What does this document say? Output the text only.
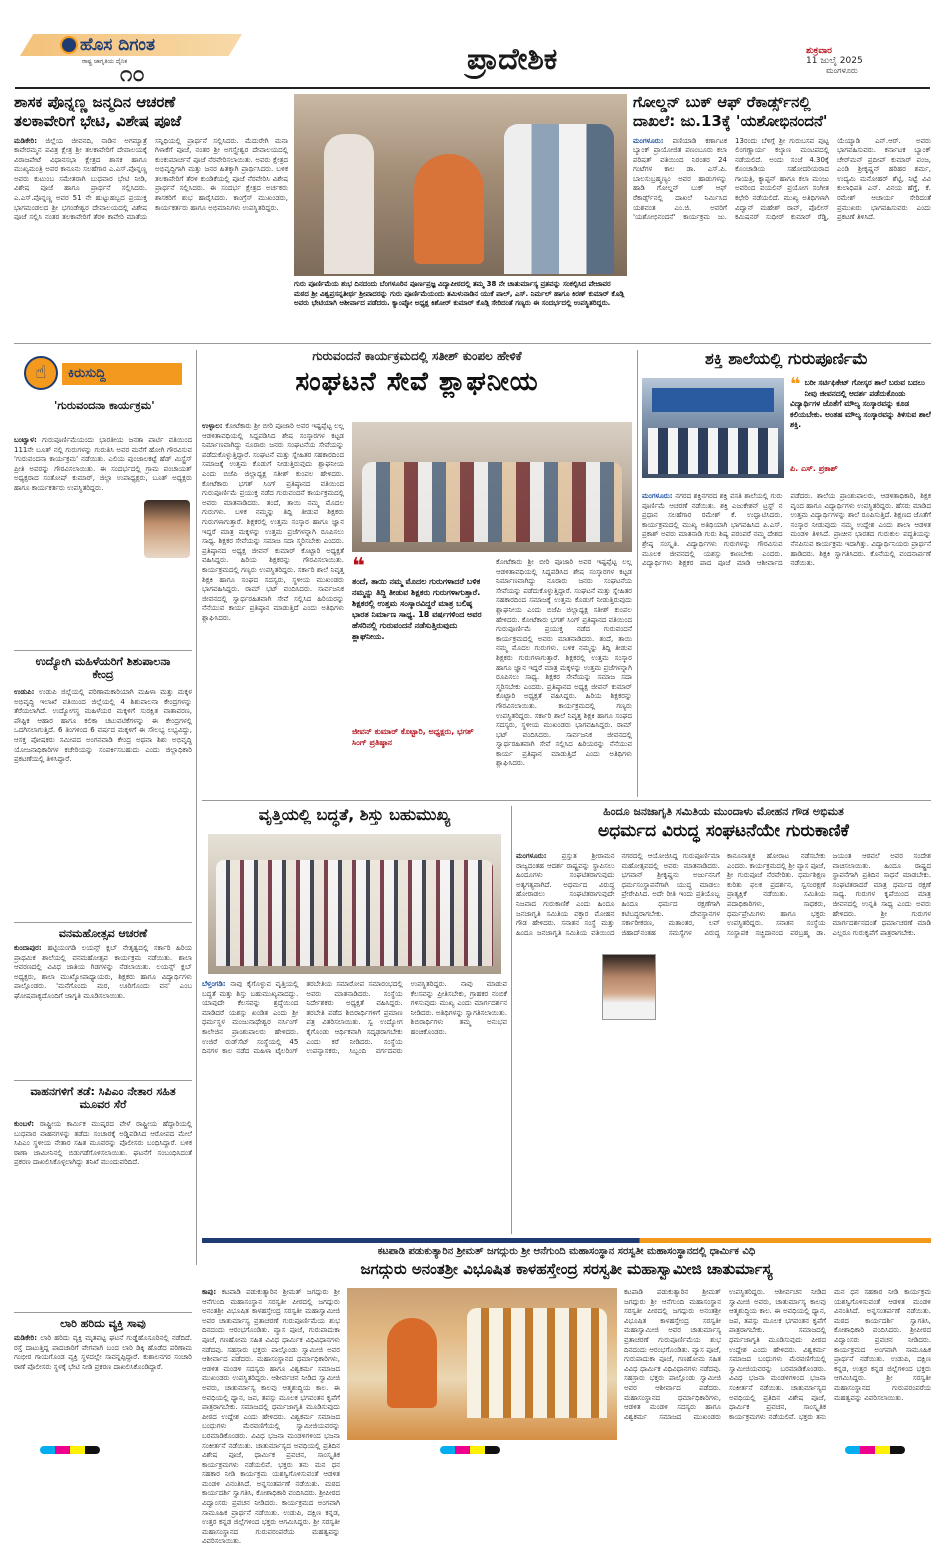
ಹೊಸ ದಿಗಂತ
ರಾಷ್ಟ್ರ ಜಾಗೃತಿಯ ದೈನಿಕ
೧೦	ಪ್ರಾದೇಶಿಕ	ಶುಕ್ರವಾರ
11 ಜುಲೈ 2025
ಮಂಗಳೂರು
ಶಾಸಕ ಪೊನ್ನಣ್ಣ ಜನ್ಮದಿನ ಆಚರಣೆ
ತಲಕಾವೇರಿಗೆ ಭೇಟಿ, ವಿಶೇಷ ಪೂಜೆ
ಮಡಿಕೇರಿ: ಜಿಲ್ಲೆಯ ಜೀವನದಿ, ನಾಡಿನ ಅಗಮ್ಯಾತ್ರೆ ಕಾವೇರಮ್ಮನ ಪವಿತ್ರ ಕ್ಷೇತ್ರ ಶ್ರೀ ತಲಕಾವೇರಿಗೆ ದೇವಾಲಯಕ್ಕೆ ವಿರಾಜಪೇಟೆ ವಿಧಾನಸಭಾ ಕ್ಷೇತ್ರದ ಶಾಸಕ ಹಾಗೂ ಮುಖ್ಯಮಂತ್ರಿ ಅವರ ಕಾನೂನು ಸಲಹೆಗಾರ ಎ.ಎಸ್.ಪೊನ್ನಣ್ಣ ಅವರು ಕುಟುಂಬ ಸಮೇತರಾಗಿ ಬುಧವಾರ ಭೇಟಿ ನೀಡಿ, ವಿಶೇಷ ಪೂಜೆ ಹಾಗೂ ಪ್ರಾರ್ಥನೆ ಸಲ್ಲಿಸಿದರು. ಎ.ಎಸ್.ಪೊನ್ನಣ್ಣ ಅವರ 51 ನೇ ಹುಟ್ಟುಹಬ್ಬದ ಪ್ರಯುಕ್ತ ಭಾಗಮಂಡಲದ ಶ್ರೀ ಭಗಂಡೇಶ್ವರ ದೇವಾಲಯದಲ್ಲಿ ವಿಶೇಷ ಪೂಜೆ ಸಲ್ಲಿಸಿ ನಂತರ ತಲಕಾವೇರಿಗೆ ತೆರಳಿ ಕಾವೇರಿ ಮಾತೆಯ ಸನ್ನಿಧಿಯಲ್ಲಿ ಪ್ರಾರ್ಥನೆ ಸಲ್ಲಿಸಿದರು. ಮೆದುರೇಗಿ ಮನಾ ಗಿಳಾಕೆಗೆ ಪೂಜೆ, ನಂತರ ಶ್ರೀ ಅಗಸ್ತ್ಯೇಶ್ವರ ದೇವಾಲಯದಲ್ಲಿ ಕುಂಕುಮಾರ್ಚನೆ ಪೂಜೆ ನೆರವೇರಿಸಲಾಯಿತು. ಅವರು ಕ್ಷೇತ್ರದ ಅಭಿವೃದ್ಧಿಗಾಗಿ ಮತ್ತು ಜನರ ಹಿತಕ್ಕಾಗಿ ಪ್ರಾರ್ಥಿಸಿದರು. ಬಳಿಕ ತಲಕಾವೇರಿಗೆ ತೆರಳಿ ಕುಂಡಿಕೆಯಲ್ಲಿ ಪೂಜೆ ನೆರವೇರಿಸಿ ವಿಶೇಷ ಪ್ರಾರ್ಥನೆ ಸಲ್ಲಿಸಿದರು. ಈ ಸಂದರ್ಭ ಕ್ಷೇತ್ರದ ಅರ್ಚಕರು ಶಾಸಕರಿಗೆ ಶುಭ ಹಾರೈಸಿದರು. ಕಾಂಗ್ರೆಸ್ ಮುಖಂಡರು, ಕಾರ್ಯಕರ್ತರು ಹಾಗೂ ಅಭಿಮಾನಿಗಳು ಉಪಸ್ಥಿತರಿದ್ದರು.
ಗುರು ಪೂರ್ಣಿಮೆಯ ಶುಭ ದಿನದಂದು ಬೆಂಗಳೂರಿನ ಪೂರ್ಣಪ್ರಜ್ಞ ವಿದ್ಯಾಪೀಠದಲ್ಲಿ ತಮ್ಮ 38 ನೇ ಚಾತುರ್ಮಾಸ್ಯ ವ್ರತವನ್ನು ಸಂಕಲ್ಪಿಸಿದ ಪೇಜಾವರ ಮಠದ ಶ್ರೀ ವಿಶ್ವಪ್ರಸನ್ನತೀರ್ಥ ಶ್ರೀಪಾದರನ್ನು ಗುರು ಪೂರ್ಣಿಮೆಯಂದು ತಮಿಳುನಾಡಿನ ಯುಕೆ ಪಾಲ್, ಎಸ್. ನಿರ್ಮಲ್ ಹಾಗೂ ಕಿರಣ್ ಕುಮಾರ್ ಕೊಡ್ಗಿ ಅವರು ಭೇಟಿಯಾಗಿ ಆಶೀರ್ವಾದ ಪಡೆದರು. ಕ್ಯಾಂಪ್ಕೋ ಅಧ್ಯಕ್ಷ ಕಿಶೋರ್ ಕುಮಾರ್ ಕೊಡ್ಗಿ ಸೇರಿದಂತೆ ಗಣ್ಯರು ಈ ಸಂದರ್ಭದಲ್ಲಿ ಉಪಸ್ಥಿತರಿದ್ದರು.
ಗೋಲ್ಡನ್ ಬುಕ್ ಆಫ್ ರೆಕಾರ್ಡ್ಸ್‌ನಲ್ಲಿ
ದಾಖಲೆ: ಜು.13ಕ್ಕೆ 'ಯಶೋಭಿನಂದನೆ'
ಮಂಗಳೂರು: ಪಣಿಯಾಡಿ ಕರ್ಣಾಟಕ ಬ್ಯಾಂಕ್ ಪ್ರಾಯೋಜಿತ ಪಣಂಬೂರು ಕಲಾ ಪರಿಷತ್ ವತಿಯಿಂದ ನಿರಂತರ 24 ಗಂಟೆಗಳ ಕಾಲ ಡಾ. ಎಸ್.ಪಿ. ಬಾಲಸುಬ್ರಹ್ಮಣ್ಯಂ ಅವರ ಹಾಡುಗಳನ್ನು ಹಾಡಿ ಗೋಲ್ಡನ್ ಬುಕ್ ಆಫ್ ರೆಕಾರ್ಡ್ಸ್‌ನಲ್ಲಿ ದಾಖಲೆ ನಿರ್ಮಿಸಿದ ಯಶವಂತ ಎಂ.ಜಿ. ಅವರಿಗೆ 'ಯಶೋಭಿನಂದನೆ' ಕಾರ್ಯಕ್ರಮ ಜು. 13ರಂದು ಬೆಳಿಗ್ಗೆ ಶ್ರೀ ಗುರುಬಸವ ಪುಟ್ಟ ಲಿಂಗಣ್ಣಾರ್ಯ ಕಲ್ಯಾಣ ಮಂಟಪದಲ್ಲಿ ನಡೆಯಲಿದೆ. ಅಂದು ಸಂಜೆ 4.30ಕ್ಕೆ ಕೊಂಚಾಡಿಯ ಸಹೋದರಿಯರಾದ ಗಾಯತ್ರಿ, ಕ್ಯಾಪ್ಟನ್ ಹಾಗೂ ಕಲಾ ಮಂಜು ಅವರಿಂದ ವಯಲಿನ್ ಪ್ರಯೋಗ ಸಂಗೀತ ಕಛೇರಿ ನಡೆಯಲಿದೆ. ಮುಖ್ಯ ಅತಿಥಿಗಳಾಗಿ ವಿದ್ವಾನ್ ಮಹೇಶ್ ರಾವ್, ಪೊಲೀಸ್ ಕಮಿಷನರ್ ಸುಧೀರ್ ಕುಮಾರ್ ರೆಡ್ಡಿ, ಯೆಯ್ಯಾಡಿ ಎನ್.ಆರ್. ಅವರು ಭಾಗವಹಿಸುವರು. ಕರ್ನಾಟಕ ಬ್ಯಾಂಕ್ ಚೇರ್‌ಮನ್ ಪ್ರದೀಪ್ ಕುಮಾರ್ ಪಂಜ, ಎಂಡಿ ಶ್ರೀಕೃಷ್ಣನ್ ಹರಿಹರ ಶರ್ಮ, ಉದ್ಯಮಿ ಮನೋಹರ್ ಶೆಟ್ಟಿ, ನಿಟ್ಟೆ ವಿವಿ ಕುಲಾಧಿಪತಿ ಎನ್. ವಿನಯ ಹೆಗ್ಡೆ, ಕೆ. ರಮೇಶ್ ಆಚಾರ್ಯ ಸೇರಿದಂತೆ ಪ್ರಮುಖರು ಭಾಗವಹಿಸುವರು ಎಂದು ಪ್ರಕಟಣೆ ತಿಳಿಸಿದೆ.
☝	ಕಿರುಸುದ್ದಿ
'ಗುರುವಂದನಾ ಕಾರ್ಯಕ್ರಮ'
ಬಂಟ್ವಾಳ: ಗುರುಪೂರ್ಣಿಮೆಯಂದು ಭಾರತೀಯ ಜನತಾ ಪಾರ್ಟಿ ವತಿಯಿಂದ 111ನೇ ಬೂತ್ ನಲ್ಲಿ ಗುರುಗಳನ್ನು ಗುರುತಿಸಿ ಅವರ ಮನೆಗೆ ಹೋಗಿ ಗೌರವಿಸುವ 'ಗುರುವಂದನಾ ಕಾರ್ಯಕ್ರಮ' ನಡೆಯಿತು. ಎಲಿಯ ಪುಂಜಾಲಕಟ್ಟೆ ಹೆಡ್ ಮಿಸ್ಟ್ರೆಸ್ ಪ್ರೀತಿ ಅವರನ್ನು ಗೌರವಿಸಲಾಯಿತು. ಈ ಸಂದರ್ಭದಲ್ಲಿ ಗ್ರಾಮ ಪಂಚಾಯತ್ ಅಧ್ಯಕ್ಷರಾದ ಸಂತೋಷ್ ಕುಮಾರ್, ಜಿಲ್ಲಾ ಉಪಾಧ್ಯಕ್ಷರು, ಬೂತ್ ಅಧ್ಯಕ್ಷರು ಹಾಗೂ ಕಾರ್ಯಕರ್ತರು ಉಪಸ್ಥಿತರಿದ್ದರು.
ಉದ್ಯೋಗಿ ಮಹಿಳೆಯರಿಗೆ ಶಿಶುಪಾಲನಾ ಕೇಂದ್ರ
ಉಡುಪಿ: ಉಡುಪಿ ಜಿಲ್ಲೆಯಲ್ಲಿ ಪರಿಣಾಮಕಾರಿಯಾಗಿ ಮಹಿಳಾ ಮತ್ತು ಮಕ್ಕಳ ಅಭಿವೃದ್ಧಿ ಇಲಾಖೆ ವತಿಯಿಂದ ಜಿಲ್ಲೆಯಲ್ಲಿ 4 ಶಿಶುಪಾಲನಾ ಕೇಂದ್ರಗಳನ್ನು ತೆರೆಯಲಾಗಿದೆ. ಉದ್ಯೋಗಸ್ಥ ಮಹಿಳೆಯರ ಮಕ್ಕಳಿಗೆ ಸುರಕ್ಷಿತ ವಾತಾವರಣ, ಪೌಷ್ಟಿಕ ಆಹಾರ ಹಾಗೂ ಕಲಿಕಾ ಚಟುವಟಿಕೆಗಳನ್ನು ಈ ಕೇಂದ್ರಗಳಲ್ಲಿ ಒದಗಿಸಲಾಗುತ್ತಿದೆ. 6 ತಿಂಗಳಿಂದ 6 ವರ್ಷದ ಮಕ್ಕಳಿಗೆ ಈ ಸೌಲಭ್ಯ ಲಭ್ಯವಿದ್ದು, ಆಸಕ್ತ ಪೋಷಕರು ಸಮೀಪದ ಅಂಗನವಾಡಿ ಕೇಂದ್ರ ಅಥವಾ ಶಿಶು ಅಭಿವೃದ್ಧಿ ಯೋಜನಾಧಿಕಾರಿಗಳ ಕಚೇರಿಯನ್ನು ಸಂಪರ್ಕಿಸಬಹುದು ಎಂದು ಜಿಲ್ಲಾಧಿಕಾರಿ ಪ್ರಕಟಣೆಯಲ್ಲಿ ತಿಳಿಸಿದ್ದಾರೆ.
ವನಮಹೋತ್ಸವ ಆಚರಣೆ
ಕುಂದಾಪುರ: ಹಟ್ಟಿಯಂಗಡಿ ಲಯನ್ಸ್ ಕ್ಲಬ್ ನೇತೃತ್ವದಲ್ಲಿ ಸರ್ಕಾರಿ ಹಿರಿಯ ಪ್ರಾಥಮಿಕ ಶಾಲೆಯಲ್ಲಿ ವನಮಹೋತ್ಸವ ಕಾರ್ಯಕ್ರಮ ನಡೆಯಿತು. ಶಾಲಾ ಆವರಣದಲ್ಲಿ ವಿವಿಧ ಜಾತಿಯ ಗಿಡಗಳನ್ನು ನೆಡಲಾಯಿತು. ಲಯನ್ಸ್ ಕ್ಲಬ್ ಅಧ್ಯಕ್ಷರು, ಶಾಲಾ ಮುಖ್ಯೋಪಾಧ್ಯಾಯರು, ಶಿಕ್ಷಕರು ಹಾಗೂ ವಿದ್ಯಾರ್ಥಿಗಳು ಪಾಲ್ಗೊಂಡರು. 'ಮನೆಗೊಂದು ಮರ, ಊರಿಗೊಂದು ವನ' ಎಂಬ ಘೋಷವಾಕ್ಯದೊಂದಿಗೆ ಜಾಗೃತಿ ಮೂಡಿಸಲಾಯಿತು.
ವಾಹನಗಳಿಗೆ ತಡೆ: ಸಿಪಿಎಂ ನೇತಾರ ಸಹಿತ ಮೂವರ ಸೆರೆ
ಕುಂಬಳೆ: ರಾಷ್ಟ್ರೀಯ ಕಾರ್ಮಿಕ ಮುಷ್ಕರದ ವೇಳೆ ರಾಷ್ಟ್ರೀಯ ಹೆದ್ದಾರಿಯಲ್ಲಿ ಬುಧವಾರ ವಾಹನಗಳನ್ನು ತಡೆದು ಸಂಚಾರಕ್ಕೆ ಅಡ್ಡಿಪಡಿಸಿದ ಆರೋಪದ ಮೇಲೆ ಸಿಪಿಎಂ ಸ್ಥಳೀಯ ನೇತಾರ ಸಹಿತ ಮೂವರನ್ನು ಪೊಲೀಸರು ಬಂಧಿಸಿದ್ದಾರೆ. ಬಳಿಕ ಠಾಣಾ ಜಾಮೀನಿನಲ್ಲಿ ಬಿಡುಗಡೆಗೊಳಿಸಲಾಯಿತು. ಘಟನೆಗೆ ಸಂಬಂಧಿಸಿದಂತೆ ಪ್ರಕರಣ ದಾಖಲಿಸಿಕೊಳ್ಳಲಾಗಿದ್ದು ತನಿಖೆ ಮುಂದುವರಿದಿದೆ.
ಲಾರಿ ಹರಿದು ವ್ಯಕ್ತಿ ಸಾವು
ಮಡಿಕೇರಿ: ಲಾರಿ ಹರಿದು ವ್ಯಕ್ತಿ ಮೃತಪಟ್ಟ ಘಟನೆ ಗುಡ್ಡೆಹೊಸೂರಿನಲ್ಲಿ ನಡೆದಿದೆ. ರಸ್ತೆ ದಾಟುತ್ತಿದ್ದ ಪಾದಚಾರಿಗೆ ವೇಗವಾಗಿ ಬಂದ ಲಾರಿ ಡಿಕ್ಕಿ ಹೊಡೆದ ಪರಿಣಾಮ ಗಂಭೀರ ಗಾಯಗೊಂಡ ವ್ಯಕ್ತಿ ಸ್ಥಳದಲ್ಲೇ ಸಾವನ್ನಪ್ಪಿದ್ದಾರೆ. ಕುಶಾಲನಗರ ಸಂಚಾರಿ ಠಾಣೆ ಪೊಲೀಸರು ಸ್ಥಳಕ್ಕೆ ಭೇಟಿ ನೀಡಿ ಪ್ರಕರಣ ದಾಖಲಿಸಿಕೊಂಡಿದ್ದಾರೆ.
ಗುರುವಂದನೆ ಕಾರ್ಯಕ್ರಮದಲ್ಲಿ ಸತೀಶ್ ಕುಂಪಲ ಹೇಳಿಕೆ
ಸಂಘಟನೆ ಸೇವೆ ಶ್ಲಾಘನೀಯ
ಉಳ್ಳಾಲ: ಕೋಟೆಕಾರು ಶ್ರೀ ಬೀರಿ ಪೂಜಾರಿ ಅವರ ಇಷ್ಟಪ್ಪೆಟ್ಟ ಲಲ್ಲ ಆಡಳಿತಾವಧಿಯಲ್ಲಿ ಸಿದ್ದಪಡಿಸಿದ ಶೇಷ ಸಂಸ್ಕಾರಗಳ ಕಟ್ಟಡ ನಿರ್ಮಾಣವಾಗಿದ್ದು ನೂರಾರು ಜನರು ಸಂಘಟನೆಯ ಸೇವೆಯನ್ನು ಪಡೆದುಕೊಳ್ಳುತ್ತಿದ್ದಾರೆ. ಸಂಘಟನೆ ಮತ್ತು ಸ್ನೇಹಿತರ ಸಹಕಾರದಿಂದ ಸಮಾಜಕ್ಕೆ ಉತ್ತಮ ಕೊಡುಗೆ ನೀಡುತ್ತಿರುವುದು ಶ್ಲಾಘನೀಯ ಎಂದು ಬಿಜೆಪಿ ಜಿಲ್ಲಾಧ್ಯಕ್ಷ ಸತೀಶ್ ಕುಂಪಲ ಹೇಳಿದರು. ಕೋಟೆಕಾರು ಭಗತ್ ಸಿಂಗ್ ಪ್ರತಿಷ್ಠಾನದ ವತಿಯಿಂದ ಗುರುಪೂರ್ಣಿಮೆ ಪ್ರಯುಕ್ತ ನಡೆದ ಗುರುವಂದನೆ ಕಾರ್ಯಕ್ರಮದಲ್ಲಿ ಅವರು ಮಾತನಾಡಿದರು. ತಂದೆ, ತಾಯಿ ನಮ್ಮ ಮೊದಲ ಗುರುಗಳು. ಬಳಿಕ ನಮ್ಮನ್ನು ತಿದ್ದಿ ತೀಡುವ ಶಿಕ್ಷಕರು ಗುರುಗಳಾಗುತ್ತಾರೆ. ಶಿಕ್ಷಕರಲ್ಲಿ ಉತ್ತಮ ಸಂಸ್ಕಾರ ಹಾಗೂ ಜ್ಞಾನ ಇದ್ದರೆ ಮಾತ್ರ ಮಕ್ಕಳನ್ನು ಉತ್ತಮ ಪ್ರಜೆಗಳನ್ನಾಗಿ ರೂಪಿಸಲು ಸಾಧ್ಯ. ಶಿಕ್ಷಕರ ಸೇವೆಯನ್ನು ಸಮಾಜ ಸದಾ ಸ್ಮರಿಸಬೇಕು ಎಂದರು. ಪ್ರತಿಷ್ಠಾನದ ಅಧ್ಯಕ್ಷ ಜೀವನ್ ಕುಮಾರ್ ಕೊಟ್ಟಾರಿ ಅಧ್ಯಕ್ಷತೆ ವಹಿಸಿದ್ದರು. ಹಿರಿಯ ಶಿಕ್ಷಕರನ್ನು ಗೌರವಿಸಲಾಯಿತು. ಕಾರ್ಯಕ್ರಮದಲ್ಲಿ ಗಣ್ಯರು ಉಪಸ್ಥಿತರಿದ್ದರು. ಸರ್ಕಾರಿ ಶಾಲೆ ನಿವೃತ್ತ ಶಿಕ್ಷಕಿ ಹಾಗೂ ಸಂಘದ ಸದಸ್ಯರು, ಸ್ಥಳೀಯ ಮುಖಂಡರು ಭಾಗವಹಿಸಿದ್ದರು. ರಾಮ್ ಭಟ್ ವಂದಿಸಿದರು. ಸಾರ್ವಜನಿಕ ಜೀವನದಲ್ಲಿ ಸ್ವಾರ್ಥರಹಿತವಾಗಿ ಸೇವೆ ಸಲ್ಲಿಸಿದ ಹಿರಿಯರನ್ನು ನೆನೆಯುವ ಕಾರ್ಯ ಪ್ರತಿಷ್ಠಾನ ಮಾಡುತ್ತಿದೆ ಎಂದು ಅತಿಥಿಗಳು ಶ್ಲಾಘಿಸಿದರು.
❝
ತಂದೆ, ತಾಯಿ ನಮ್ಮ ಮೊದಲ ಗುರುಗಳಾದರೆ ಬಳಿಕ ನಮ್ಮನ್ನು ತಿದ್ದಿ ತೀಡುವ ಶಿಕ್ಷಕರು ಗುರುಗಳಾಗುತ್ತಾರೆ. ಶಿಕ್ಷಕರಲ್ಲಿ ಉತ್ತಮ ಸಂಸ್ಕಾರವಿದ್ದರೆ ಮಾತ್ರ ಬಲಿಷ್ಠ ಭಾರತ ನಿರ್ಮಾಣ ಸಾಧ್ಯ. 18 ವರ್ಷಗಳಿಂದ ಅವರ ಹೆಸರಿನಲ್ಲಿ ಗುರುವಂದನೆ ನಡೆಸುತ್ತಿರುವುದು ಶ್ಲಾಘನೀಯ.
ಜೀವನ್ ಕುಮಾರ್ ಕೊಟ್ಟಾರಿ, ಅಧ್ಯಕ್ಷರು, ಭಗತ್ ಸಿಂಗ್ ಪ್ರತಿಷ್ಠಾನ
ಕೋಟೆಕಾರು ಶ್ರೀ ಬೀರಿ ಪೂಜಾರಿ ಅವರ ಇಷ್ಟಪ್ಪೆಟ್ಟ ಲಲ್ಲ ಆಡಳಿತಾವಧಿಯಲ್ಲಿ ಸಿದ್ದಪಡಿಸಿದ ಶೇಷ ಸಂಸ್ಕಾರಗಳ ಕಟ್ಟಡ ನಿರ್ಮಾಣವಾಗಿದ್ದು ನೂರಾರು ಜನರು ಸಂಘಟನೆಯ ಸೇವೆಯನ್ನು ಪಡೆದುಕೊಳ್ಳುತ್ತಿದ್ದಾರೆ. ಸಂಘಟನೆ ಮತ್ತು ಸ್ನೇಹಿತರ ಸಹಕಾರದಿಂದ ಸಮಾಜಕ್ಕೆ ಉತ್ತಮ ಕೊಡುಗೆ ನೀಡುತ್ತಿರುವುದು ಶ್ಲಾಘನೀಯ ಎಂದು ಬಿಜೆಪಿ ಜಿಲ್ಲಾಧ್ಯಕ್ಷ ಸತೀಶ್ ಕುಂಪಲ ಹೇಳಿದರು. ಕೋಟೆಕಾರು ಭಗತ್ ಸಿಂಗ್ ಪ್ರತಿಷ್ಠಾನದ ವತಿಯಿಂದ ಗುರುಪೂರ್ಣಿಮೆ ಪ್ರಯುಕ್ತ ನಡೆದ ಗುರುವಂದನೆ ಕಾರ್ಯಕ್ರಮದಲ್ಲಿ ಅವರು ಮಾತನಾಡಿದರು. ತಂದೆ, ತಾಯಿ ನಮ್ಮ ಮೊದಲ ಗುರುಗಳು. ಬಳಿಕ ನಮ್ಮನ್ನು ತಿದ್ದಿ ತೀಡುವ ಶಿಕ್ಷಕರು ಗುರುಗಳಾಗುತ್ತಾರೆ. ಶಿಕ್ಷಕರಲ್ಲಿ ಉತ್ತಮ ಸಂಸ್ಕಾರ ಹಾಗೂ ಜ್ಞಾನ ಇದ್ದರೆ ಮಾತ್ರ ಮಕ್ಕಳನ್ನು ಉತ್ತಮ ಪ್ರಜೆಗಳನ್ನಾಗಿ ರೂಪಿಸಲು ಸಾಧ್ಯ. ಶಿಕ್ಷಕರ ಸೇವೆಯನ್ನು ಸಮಾಜ ಸದಾ ಸ್ಮರಿಸಬೇಕು ಎಂದರು. ಪ್ರತಿಷ್ಠಾನದ ಅಧ್ಯಕ್ಷ ಜೀವನ್ ಕುಮಾರ್ ಕೊಟ್ಟಾರಿ ಅಧ್ಯಕ್ಷತೆ ವಹಿಸಿದ್ದರು. ಹಿರಿಯ ಶಿಕ್ಷಕರನ್ನು ಗೌರವಿಸಲಾಯಿತು. ಕಾರ್ಯಕ್ರಮದಲ್ಲಿ ಗಣ್ಯರು ಉಪಸ್ಥಿತರಿದ್ದರು. ಸರ್ಕಾರಿ ಶಾಲೆ ನಿವೃತ್ತ ಶಿಕ್ಷಕಿ ಹಾಗೂ ಸಂಘದ ಸದಸ್ಯರು, ಸ್ಥಳೀಯ ಮುಖಂಡರು ಭಾಗವಹಿಸಿದ್ದರು. ರಾಮ್ ಭಟ್ ವಂದಿಸಿದರು. ಸಾರ್ವಜನಿಕ ಜೀವನದಲ್ಲಿ ಸ್ವಾರ್ಥರಹಿತವಾಗಿ ಸೇವೆ ಸಲ್ಲಿಸಿದ ಹಿರಿಯರನ್ನು ನೆನೆಯುವ ಕಾರ್ಯ ಪ್ರತಿಷ್ಠಾನ ಮಾಡುತ್ತಿದೆ ಎಂದು ಅತಿಥಿಗಳು ಶ್ಲಾಘಿಸಿದರು.
ಶಕ್ತಿ ಶಾಲೆಯಲ್ಲಿ ಗುರುಪೂರ್ಣಿಮೆ
❝ ಬರೀ ಸರ್ಟಿಫಿಕೇಟ್ ಗೋಸ್ಕರ ಶಾಲೆ ಬರುವ ಬದಲು ನೀವು ಜೀವನದಲ್ಲಿ ಆದರ್ಶ ಪಡೆದುಕೊಂಡು ವಿದ್ಯಾರ್ಥಿಗಳ ಜೊತೆಗೆ ಮೌಲ್ಯ ಸಂಸ್ಕಾರವನ್ನು ಕೂಡ ಕಲಿಯಬೇಕು. ಅಂತಹ ಮೌಲ್ಯ ಸಂಸ್ಕಾರವನ್ನು ತಿಳಿಸುವ ಶಾಲೆ ಶಕ್ತಿ.
ಪಿ. ಎಸ್. ಪ್ರಕಾಶ್
ಮಂಗಳೂರು: ನಗರದ ಶಕ್ತಿನಗರದ ಶಕ್ತಿ ವಸತಿ ಶಾಲೆಯಲ್ಲಿ ಗುರು ಪೂರ್ಣಿಮೆ ಆಚರಣೆ ನಡೆಯಿತು. ಶಕ್ತಿ ಎಜುಕೇಶನ್ ಟ್ರಸ್ಟ್ ನ ಪ್ರಧಾನ ಸಲಹೆಗಾರ ರಮೇಶ್ ಕೆ. ಉದ್ಘಾಟಿಸಿದರು. ಕಾರ್ಯಕ್ರಮದಲ್ಲಿ ಮುಖ್ಯ ಅತಿಥಿಯಾಗಿ ಭಾಗವಹಿಸಿದ ಪಿ.ಎಸ್. ಪ್ರಕಾಶ್ ಅವರು ಮಾತನಾಡಿ ಗುರು ಶಿಷ್ಯ ಪರಂಪರೆ ನಮ್ಮ ದೇಶದ ಶ್ರೇಷ್ಠ ಸಂಸ್ಕೃತಿ. ವಿದ್ಯಾರ್ಥಿಗಳು ಗುರುಗಳನ್ನು ಗೌರವಿಸುವ ಮೂಲಕ ಜೀವನದಲ್ಲಿ ಯಶಸ್ಸು ಕಾಣಬೇಕು ಎಂದರು. ವಿದ್ಯಾರ್ಥಿಗಳು ಶಿಕ್ಷಕರ ಪಾದ ಪೂಜೆ ಮಾಡಿ ಆಶೀರ್ವಾದ ಪಡೆದರು. ಶಾಲೆಯ ಪ್ರಾಂಶುಪಾಲರು, ಆಡಳಿತಾಧಿಕಾರಿ, ಶಿಕ್ಷಕ ವೃಂದ ಹಾಗೂ ವಿದ್ಯಾರ್ಥಿಗಳು ಉಪಸ್ಥಿತರಿದ್ದರು. ಹೆಸರು ಮಾಡಿದ ಉತ್ತಮ ವಿದ್ಯಾರ್ಥಿಗಳನ್ನು ಶಾಲೆ ರೂಪಿಸುತ್ತಿದೆ. ಶಿಕ್ಷಣದ ಜೊತೆಗೆ ಸಂಸ್ಕಾರ ನೀಡುವುದು ನಮ್ಮ ಉದ್ದೇಶ ಎಂದು ಶಾಲಾ ಆಡಳಿತ ಮಂಡಳಿ ತಿಳಿಸಿದೆ. ಪ್ರಾಚೀನ ಭಾರತದ ಗುರುಕುಲ ಪದ್ಧತಿಯನ್ನು ನೆನಪಿಸುವ ಕಾರ್ಯಕ್ರಮ ಇದಾಗಿತ್ತು. ವಿದ್ಯಾರ್ಥಿನಿಯರು ಪ್ರಾರ್ಥನೆ ಹಾಡಿದರು. ಶಿಕ್ಷಕಿ ಸ್ವಾಗತಿಸಿದರು. ಕೊನೆಯಲ್ಲಿ ವಂದನಾರ್ಪಣೆ ನಡೆಯಿತು.
ವೃತ್ತಿಯಲ್ಲಿ ಬದ್ಧತೆ, ಶಿಸ್ತು ಬಹುಮುಖ್ಯ
ಬೆಳ್ತಂಗಡಿ: ನಾವು ಕೈಗೊಳ್ಳುವ ವೃತ್ತಿಯಲ್ಲಿ ಬದ್ಧತೆ ಮತ್ತು ಶಿಸ್ತು ಬಹುಮುಖ್ಯವಾದದ್ದು. ಯಾವುದೇ ಕೆಲಸವನ್ನು ಶ್ರದ್ಧೆಯಿಂದ ಮಾಡಿದರೆ ಯಶಸ್ಸು ಖಂಡಿತ ಎಂದು ಶ್ರೀ ಧರ್ಮಸ್ಥಳ ಮಂಜುನಾಥೇಶ್ವರ ನರ್ಸಿಂಗ್ ಕಾಲೇಜಿನ ಪ್ರಾಂಶುಪಾಲರು ಹೇಳಿದರು. ಉಜಿರೆ ರುಡ್‌ಸೆಟ್ ಸಂಸ್ಥೆಯಲ್ಲಿ 45 ದಿನಗಳ ಕಾಲ ನಡೆದ ಮಹಿಳಾ ಟೈಲರಿಂಗ್ ತರಬೇತಿಯ ಸಮಾರೋಪ ಸಮಾರಂಭದಲ್ಲಿ ಅವರು ಮಾತನಾಡಿದರು. ಸಂಸ್ಥೆಯ ನಿರ್ದೇಶಕರು ಅಧ್ಯಕ್ಷತೆ ವಹಿಸಿದ್ದರು. ತರಬೇತಿ ಪಡೆದ ಶಿಬಿರಾರ್ಥಿಗಳಿಗೆ ಪ್ರಮಾಣ ಪತ್ರ ವಿತರಿಸಲಾಯಿತು. ಸ್ವ ಉದ್ಯೋಗ ಕೈಗೊಂಡು ಆರ್ಥಿಕವಾಗಿ ಸದೃಢರಾಗಬೇಕು ಎಂದು ಕರೆ ನೀಡಿದರು. ಸಂಸ್ಥೆಯ ಉಪನ್ಯಾಸಕರು, ಸಿಬ್ಬಂದಿ ವರ್ಗದವರು ಉಪಸ್ಥಿತರಿದ್ದರು. ನಾವು ಮಾಡುವ ಕೆಲಸವನ್ನು ಪ್ರೀತಿಸಬೇಕು, ಗ್ರಾಹಕರ ನಂಬಿಕೆ ಗಳಿಸುವುದು ಮುಖ್ಯ ಎಂದು ಮಾರ್ಗದರ್ಶನ ನೀಡಿದರು. ಅತಿಥಿಗಳನ್ನು ಸ್ವಾಗತಿಸಲಾಯಿತು. ಶಿಬಿರಾರ್ಥಿಗಳು ತಮ್ಮ ಅನುಭವ ಹಂಚಿಕೊಂಡರು.
ಹಿಂದೂ ಜನಜಾಗೃತಿ ಸಮಿತಿಯ ಮುಂದಾಳು ಮೋಹನ ಗೌಡ ಅಭಿಮತ
ಅಧರ್ಮದ ವಿರುದ್ಧ ಸಂಘಟನೆಯೇ ಗುರುಕಾಣಿಕೆ
ಮಂಗಳೂರು: ಪ್ರಸ್ತುತ ಶ್ರೀರಾಮನ ರಾಜ್ಯದಂತಹ ಆದರ್ಶ ರಾಷ್ಟ್ರವನ್ನು ಸ್ಥಾಪಿಸಲು ಹಿಂದೂಗಳು ಸಂಘಟಿತರಾಗುವುದು ಅತ್ಯಗತ್ಯವಾಗಿದೆ. ಅಧರ್ಮದ ವಿರುದ್ಧ ಹೋರಾಡಲು ಸಂಘಟಿತರಾಗುವುದೇ ನಿಜವಾದ ಗುರುಕಾಣಿಕೆ ಎಂದು ಹಿಂದೂ ಜನಜಾಗೃತಿ ಸಮಿತಿಯ ವಕ್ತಾರ ಮೋಹನ ಗೌಡ ಹೇಳಿದರು. ಸನಾತನ ಸಂಸ್ಥೆ ಮತ್ತು ಹಿಂದೂ ಜನಜಾಗೃತಿ ಸಮಿತಿಯ ವತಿಯಿಂದ ನಗರದಲ್ಲಿ ಆಯೋಜಿಸಿದ್ದ ಗುರುಪೂರ್ಣಿಮಾ ಮಹೋತ್ಸವದಲ್ಲಿ ಅವರು ಮಾತನಾಡಿದರು. ಭಗವಾನ್ ಶ್ರೀಕೃಷ್ಣನು ಅರ್ಜುನನಿಗೆ ಧರ್ಮಸಂಸ್ಥಾಪನೆಗಾಗಿ ಯುದ್ಧ ಮಾಡಲು ಪ್ರೇರೇಪಿಸಿದ. ಅದೇ ರೀತಿ ಇಂದು ಪ್ರತಿಯೊಬ್ಬ ಹಿಂದೂ ಧರ್ಮದ ರಕ್ಷಣೆಗಾಗಿ ಕಟಿಬದ್ಧರಾಗಬೇಕು. ದೇವಸ್ಥಾನಗಳ ಸರ್ಕಾರೀಕರಣ, ಮತಾಂತರ, ಲವ್ ಜಿಹಾದ್‌ನಂತಹ ಸಮಸ್ಯೆಗಳ ವಿರುದ್ಧ ಕಾನೂನಾತ್ಮಕ ಹೋರಾಟ ನಡೆಸಬೇಕು ಎಂದರು. ಕಾರ್ಯಕ್ರಮದಲ್ಲಿ ಶ್ರೀ ವ್ಯಾಸ ಪೂಜೆ, ಶ್ರೀ ಗುರುಪೂಜೆ ನೆರವೇರಿತು. ಧರ್ಮಶಿಕ್ಷಣ ಕುರಿತು ಫಲಕ ಪ್ರದರ್ಶನ, ಸ್ವಸಂರಕ್ಷಣೆ ಪ್ರಾತ್ಯಕ್ಷಿಕೆ ನಡೆಯಿತು. ಸಮಿತಿಯ ಪದಾಧಿಕಾರಿಗಳು, ಸಾಧಕರು, ಧರ್ಮಪ್ರೇಮಿಗಳು ಹಾಗೂ ಭಕ್ತರು ಉಪಸ್ಥಿತರಿದ್ದರು. ಸನಾತನ ಸಂಸ್ಥೆಯ ಸಂಸ್ಥಾಪಕ ಸಚ್ಚಿದಾನಂದ ಪರಬ್ರಹ್ಮ ಡಾ. ಜಯಂತ ಆಠವಲೆ ಅವರ ಸಂದೇಶ ವಾಚಿಸಲಾಯಿತು. ಹಿಂದೂ ರಾಷ್ಟ್ರದ ಸ್ಥಾಪನೆಗಾಗಿ ಪ್ರತಿದಿನ ಸಾಧನೆ ಮಾಡಬೇಕು. ಸಂಘಟಿತರಾದರೆ ಮಾತ್ರ ಧರ್ಮದ ರಕ್ಷಣೆ ಸಾಧ್ಯ. ಗುರುಗಳ ಕೃಪೆಯಿಂದ ಮಾತ್ರ ಜೀವನದಲ್ಲಿ ಉನ್ನತಿ ಸಾಧ್ಯ ಎಂದು ಅವರು ಹೇಳಿದರು. ಶ್ರೀ ಗುರುಗಳ ಮಾರ್ಗದರ್ಶನದಂತೆ ಧರ್ಮಾಚರಣೆ ಮಾಡಿ ಎಲ್ಲರೂ ಗುರುಕೃಪೆಗೆ ಪಾತ್ರರಾಗಬೇಕು.
ಕಟಪಾಡಿ ಪಡುಕುತ್ಯಾರಿನ ಶ್ರೀಮತ್ ಜಗದ್ಗುರು ಶ್ರೀ ಆನೆಗುಂದಿ ಮಹಾಸಂಸ್ಥಾನ ಸರಸ್ವತೀ ಮಹಾಸಂಸ್ಥಾನದಲ್ಲಿ ಧಾರ್ಮಿಕ ವಿಧಿ
ಜಗದ್ಗುರು ಅನಂತಶ್ರೀ ವಿಭೂಷಿತ ಕಾಳಹಸ್ತೇಂದ್ರ ಸರಸ್ವತೀ ಮಹಾಸ್ವಾಮೀಜಿ ಚಾತುರ್ಮಾಸ್ಯ
ಕಾಪು: ಕಟಪಾಡಿ ಪಡುಕುತ್ಯಾರಿನ ಶ್ರೀಮತ್ ಜಗದ್ಗುರು ಶ್ರೀ ಆನೆಗುಂದಿ ಮಹಾಸಂಸ್ಥಾನ ಸರಸ್ವತೀ ಪೀಠದಲ್ಲಿ ಜಗದ್ಗುರು ಅನಂತಶ್ರೀ ವಿಭೂಷಿತ ಕಾಳಹಸ್ತೇಂದ್ರ ಸರಸ್ವತೀ ಮಹಾಸ್ವಾಮೀಜಿ ಅವರ ಚಾತುರ್ಮಾಸ್ಯ ವ್ರತಾಚರಣೆ ಗುರುಪೂರ್ಣಿಮೆಯ ಶುಭ ದಿನದಂದು ಆರಂಭಗೊಂಡಿತು. ವ್ಯಾಸ ಪೂಜೆ, ಗುರುಪಾದುಕಾ ಪೂಜೆ, ಗಣಹೋಮ ಸಹಿತ ವಿವಿಧ ಧಾರ್ಮಿಕ ವಿಧಿವಿಧಾನಗಳು ನಡೆದವು. ಸಹಸ್ರಾರು ಭಕ್ತರು ಪಾಲ್ಗೊಂಡು ಸ್ವಾಮೀಜಿ ಅವರ ಆಶೀರ್ವಾದ ಪಡೆದರು. ಮಹಾಸಂಸ್ಥಾನದ ಧರ್ಮಾಧಿಕಾರಿಗಳು, ಆಡಳಿತ ಮಂಡಳಿ ಸದಸ್ಯರು ಹಾಗೂ ವಿಶ್ವಕರ್ಮ ಸಮಾಜದ ಮುಖಂಡರು ಉಪಸ್ಥಿತರಿದ್ದರು. ಆಶೀರ್ವಚನ ನೀಡಿದ ಸ್ವಾಮೀಜಿ ಅವರು, ಚಾತುರ್ಮಾಸ್ಯ ಕಾಲವು ಆತ್ಮಶುದ್ಧಿಯ ಕಾಲ. ಈ ಅವಧಿಯಲ್ಲಿ ಧ್ಯಾನ, ಜಪ, ತಪಸ್ಸು ಮೂಲಕ ಭಗವಂತನ ಕೃಪೆಗೆ ಪಾತ್ರರಾಗಬೇಕು. ಸಮಾಜದಲ್ಲಿ ಧರ್ಮಜಾಗೃತಿ ಮೂಡಿಸುವುದು ಪೀಠದ ಉದ್ದೇಶ ಎಂದು ಹೇಳಿದರು. ವಿಶ್ವಕರ್ಮ ಸಮಾಜದ ಬಂಧುಗಳು ಮೆರವಣಿಗೆಯಲ್ಲಿ ಸ್ವಾಮೀಜಿಯವರನ್ನು ಬರಮಾಡಿಕೊಂಡರು. ವಿವಿಧ ಭಜನಾ ಮಂಡಳಿಗಳಿಂದ ಭಜನಾ ಸಂಕೀರ್ತನೆ ನಡೆಯಿತು. ಚಾತುರ್ಮಾಸ್ಯದ ಅವಧಿಯಲ್ಲಿ ಪ್ರತಿದಿನ ವಿಶೇಷ ಪೂಜೆ, ಧಾರ್ಮಿಕ ಪ್ರವಚನ, ಸಾಂಸ್ಕೃತಿಕ ಕಾರ್ಯಕ್ರಮಗಳು ನಡೆಯಲಿವೆ. ಭಕ್ತರು ತನು ಮನ ಧನ ಸಹಕಾರ ನೀಡಿ ಕಾರ್ಯಕ್ರಮ ಯಶಸ್ವಿಗೊಳಿಸುವಂತೆ ಆಡಳಿತ ಮಂಡಳಿ ವಿನಂತಿಸಿದೆ. ಅನ್ನಸಂತರ್ಪಣೆ ನಡೆಯಿತು. ಮಠದ ಕಾರ್ಯದರ್ಶಿ ಸ್ವಾಗತಿಸಿ, ಕೋಶಾಧಿಕಾರಿ ವಂದಿಸಿದರು. ಶ್ರೀಪೀಠದ ವಿದ್ವಾಂಸರು ಪ್ರವಚನ ನೀಡಿದರು. ಕಾರ್ಯಕ್ರಮದ ಅಂಗವಾಗಿ ಸಾಮೂಹಿಕ ಪ್ರಾರ್ಥನೆ ನಡೆಯಿತು. ಉಡುಪಿ, ದಕ್ಷಿಣ ಕನ್ನಡ, ಉತ್ತರ ಕನ್ನಡ ಜಿಲ್ಲೆಗಳಿಂದ ಭಕ್ತರು ಆಗಮಿಸಿದ್ದರು. ಶ್ರೀ ಸರಸ್ವತೀ ಮಹಾಸಂಸ್ಥಾನದ ಗುರುಪರಂಪರೆಯ ಮಹತ್ವವನ್ನು ವಿವರಿಸಲಾಯಿತು.
ಕಟಪಾಡಿ ಪಡುಕುತ್ಯಾರಿನ ಶ್ರೀಮತ್ ಜಗದ್ಗುರು ಶ್ರೀ ಆನೆಗುಂದಿ ಮಹಾಸಂಸ್ಥಾನ ಸರಸ್ವತೀ ಪೀಠದಲ್ಲಿ ಜಗದ್ಗುರು ಅನಂತಶ್ರೀ ವಿಭೂಷಿತ ಕಾಳಹಸ್ತೇಂದ್ರ ಸರಸ್ವತೀ ಮಹಾಸ್ವಾಮೀಜಿ ಅವರ ಚಾತುರ್ಮಾಸ್ಯ ವ್ರತಾಚರಣೆ ಗುರುಪೂರ್ಣಿಮೆಯ ಶುಭ ದಿನದಂದು ಆರಂಭಗೊಂಡಿತು. ವ್ಯಾಸ ಪೂಜೆ, ಗುರುಪಾದುಕಾ ಪೂಜೆ, ಗಣಹೋಮ ಸಹಿತ ವಿವಿಧ ಧಾರ್ಮಿಕ ವಿಧಿವಿಧಾನಗಳು ನಡೆದವು. ಸಹಸ್ರಾರು ಭಕ್ತರು ಪಾಲ್ಗೊಂಡು ಸ್ವಾಮೀಜಿ ಅವರ ಆಶೀರ್ವಾದ ಪಡೆದರು. ಮಹಾಸಂಸ್ಥಾನದ ಧರ್ಮಾಧಿಕಾರಿಗಳು, ಆಡಳಿತ ಮಂಡಳಿ ಸದಸ್ಯರು ಹಾಗೂ ವಿಶ್ವಕರ್ಮ ಸಮಾಜದ ಮುಖಂಡರು ಉಪಸ್ಥಿತರಿದ್ದರು. ಆಶೀರ್ವಚನ ನೀಡಿದ ಸ್ವಾಮೀಜಿ ಅವರು, ಚಾತುರ್ಮಾಸ್ಯ ಕಾಲವು ಆತ್ಮಶುದ್ಧಿಯ ಕಾಲ. ಈ ಅವಧಿಯಲ್ಲಿ ಧ್ಯಾನ, ಜಪ, ತಪಸ್ಸು ಮೂಲಕ ಭಗವಂತನ ಕೃಪೆಗೆ ಪಾತ್ರರಾಗಬೇಕು. ಸಮಾಜದಲ್ಲಿ ಧರ್ಮಜಾಗೃತಿ ಮೂಡಿಸುವುದು ಪೀಠದ ಉದ್ದೇಶ ಎಂದು ಹೇಳಿದರು. ವಿಶ್ವಕರ್ಮ ಸಮಾಜದ ಬಂಧುಗಳು ಮೆರವಣಿಗೆಯಲ್ಲಿ ಸ್ವಾಮೀಜಿಯವರನ್ನು ಬರಮಾಡಿಕೊಂಡರು. ವಿವಿಧ ಭಜನಾ ಮಂಡಳಿಗಳಿಂದ ಭಜನಾ ಸಂಕೀರ್ತನೆ ನಡೆಯಿತು. ಚಾತುರ್ಮಾಸ್ಯದ ಅವಧಿಯಲ್ಲಿ ಪ್ರತಿದಿನ ವಿಶೇಷ ಪೂಜೆ, ಧಾರ್ಮಿಕ ಪ್ರವಚನ, ಸಾಂಸ್ಕೃತಿಕ ಕಾರ್ಯಕ್ರಮಗಳು ನಡೆಯಲಿವೆ. ಭಕ್ತರು ತನು ಮನ ಧನ ಸಹಕಾರ ನೀಡಿ ಕಾರ್ಯಕ್ರಮ ಯಶಸ್ವಿಗೊಳಿಸುವಂತೆ ಆಡಳಿತ ಮಂಡಳಿ ವಿನಂತಿಸಿದೆ. ಅನ್ನಸಂತರ್ಪಣೆ ನಡೆಯಿತು. ಮಠದ ಕಾರ್ಯದರ್ಶಿ ಸ್ವಾಗತಿಸಿ, ಕೋಶಾಧಿಕಾರಿ ವಂದಿಸಿದರು. ಶ್ರೀಪೀಠದ ವಿದ್ವಾಂಸರು ಪ್ರವಚನ ನೀಡಿದರು. ಕಾರ್ಯಕ್ರಮದ ಅಂಗವಾಗಿ ಸಾಮೂಹಿಕ ಪ್ರಾರ್ಥನೆ ನಡೆಯಿತು. ಉಡುಪಿ, ದಕ್ಷಿಣ ಕನ್ನಡ, ಉತ್ತರ ಕನ್ನಡ ಜಿಲ್ಲೆಗಳಿಂದ ಭಕ್ತರು ಆಗಮಿಸಿದ್ದರು. ಶ್ರೀ ಸರಸ್ವತೀ ಮಹಾಸಂಸ್ಥಾನದ ಗುರುಪರಂಪರೆಯ ಮಹತ್ವವನ್ನು ವಿವರಿಸಲಾಯಿತು.
